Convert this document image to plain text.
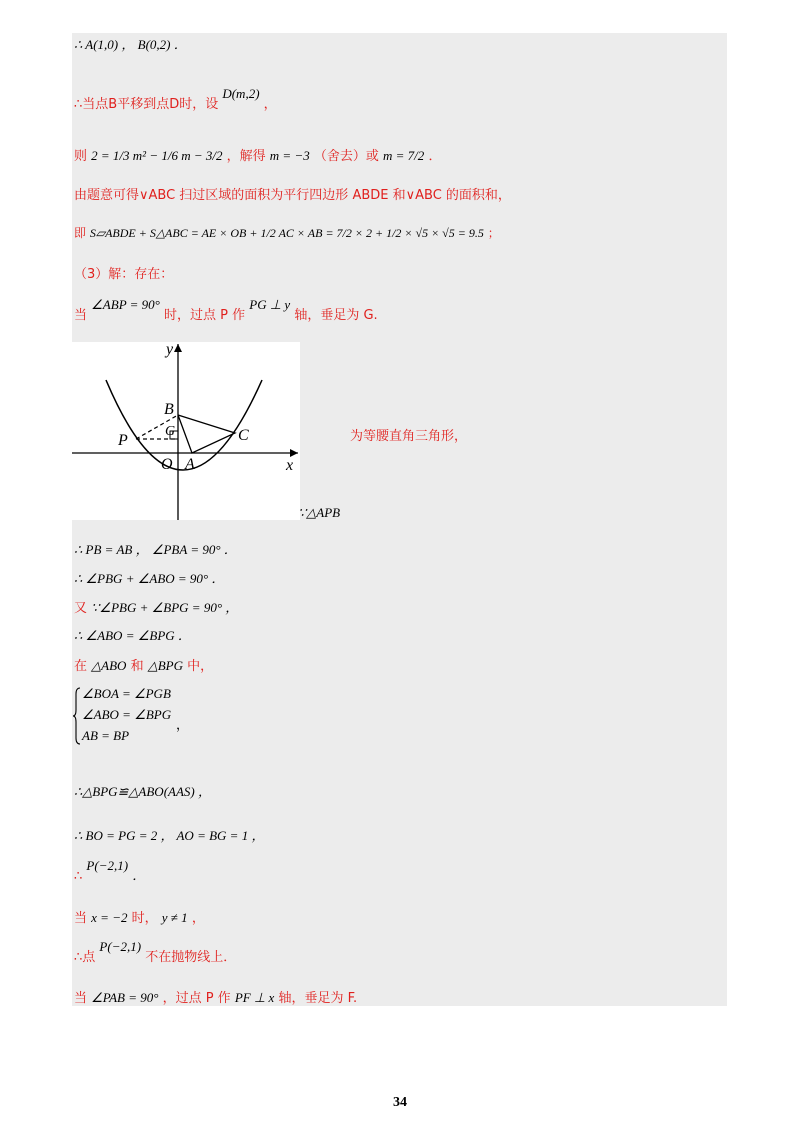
∴ A(1,0) ， B(0,2) ．
∴当点B平移到点D时，设 D(m,2) ，
则 2 = 1/3 m² − 1/6 m − 3/2 ，解得 m = −3 （舍去）或 m = 7/2 ．
由题意可得∨ABC 扫过区域的面积为平行四边形 ABDE 和∨ABC 的面积和，
即 S▱ABDE + S△ABC = AE × OB + 1/2 AC × AB = 7/2 × 2 + 1/2 × √5 × √5 = 9.5 ；
（3）解：存在：
当 ∠ABP = 90° 时，过点 P 作 PG ⊥ y 轴，垂足为 G.
y
x
B
G
P	C
O A
为等腰直角三角形，
∵△APB
∴ PB = AB ， ∠PBA = 90° ．
∴ ∠PBG + ∠ABO = 90° ．
又 ∵∠PBG + ∠BPG = 90° ，
∴ ∠ABO = ∠BPG ．
在 △ABO 和 △BPG 中，
∠BOA = ∠PGB
∠ABO = ∠BPG
AB = BP
，
∴△BPG≌△ABO(AAS) ，
∴ BO = PG = 2 ， AO = BG = 1 ，
∴ P(−2,1) ．
当 x = −2 时， y ≠ 1 ，
∴点 P(−2,1) 不在抛物线上．
当 ∠PAB = 90° ，过点 P 作 PF ⊥ x 轴，垂足为 F.
34
